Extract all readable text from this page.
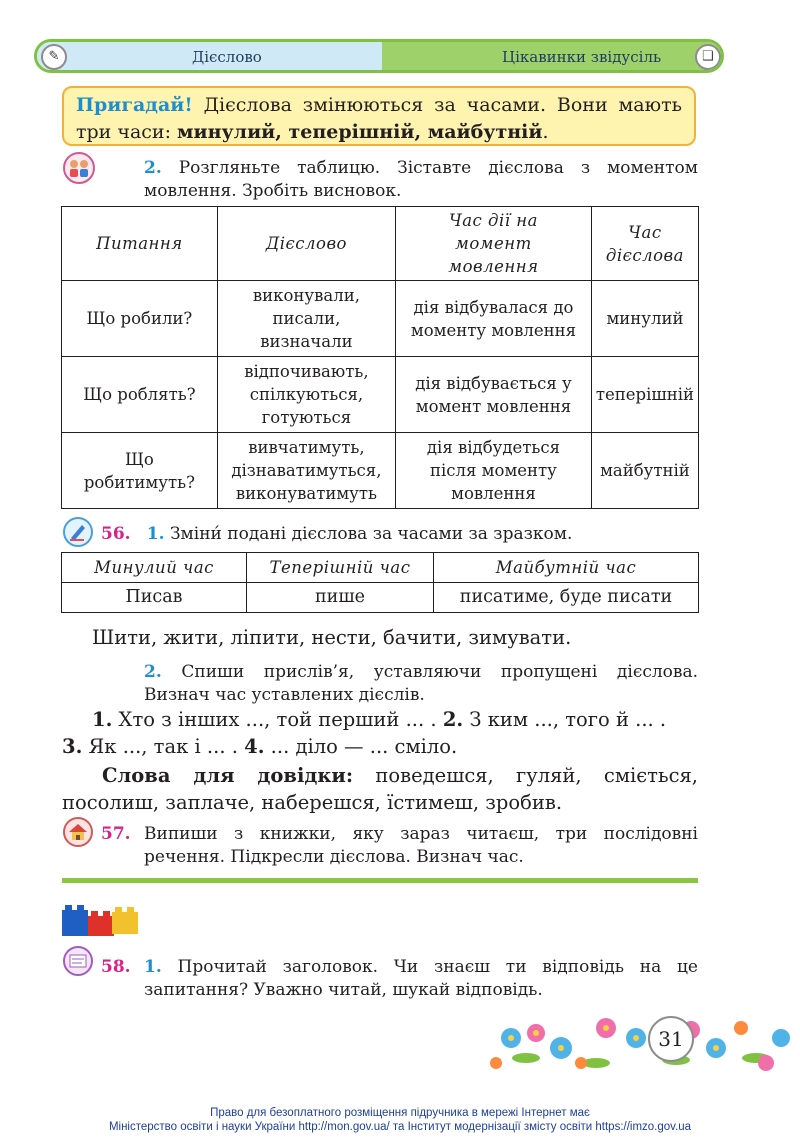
✎	Дієслово	Цікавинки звідусіль	❑
Пригадай! Дієслова змінюються за часами. Вони мають три часи: минулий, теперішній, майбутній.
2. Розгляньте таблицю. Зіставте дієслова з моментом мовлення. Зробіть висновок.
Питання	Дієслово	Час дії на момент мовлення	Час дієслова
Що робили?	виконували, писали, визначали	дія відбувалася до моменту мовлення	минулий
Що роблять?	відпочивають, спілкуються, готуються	дія відбувається у момент мовлення	теперішній
Що робитимуть?	вивчатимуть, дізнаватимуться, виконуватимуть	дія відбудеться після моменту мовлення	майбутній
56. 1. Зміни́ подані дієслова за часами за зразком.
Минулий час	Теперішній час	Майбутній час
Писав	пише	писатиме, буде писати
Шити, жити, ліпити, нести, бачити, зимувати.
2. Спиши прислів’я, уставляючи пропущені дієслова. Визнач час уставлених дієслів.
1. Хто з інших ..., той перший ... . 2. З ким ..., того й ... .
3. Як ..., так і ... . 4. ... діло — ... сміло.
Слова для довідки: поведешся, гуляй, сміється, посолиш, заплаче, наберешся, їстимеш, зробив.
57. Випиши з книжки, яку зараз читаєш, три послідовні речення. Підкресли дієслова. Визнач час.
58. 1. Прочитай заголовок. Чи знаєш ти відповідь на це запитання? Уважно читай, шукай відповідь.
31
Право для безоплатного розміщення підручника в мережі Інтернет має
Міністерство освіти і науки України http://mon.gov.ua/ та Інститут модернізації змісту освіти https://imzo.gov.ua
